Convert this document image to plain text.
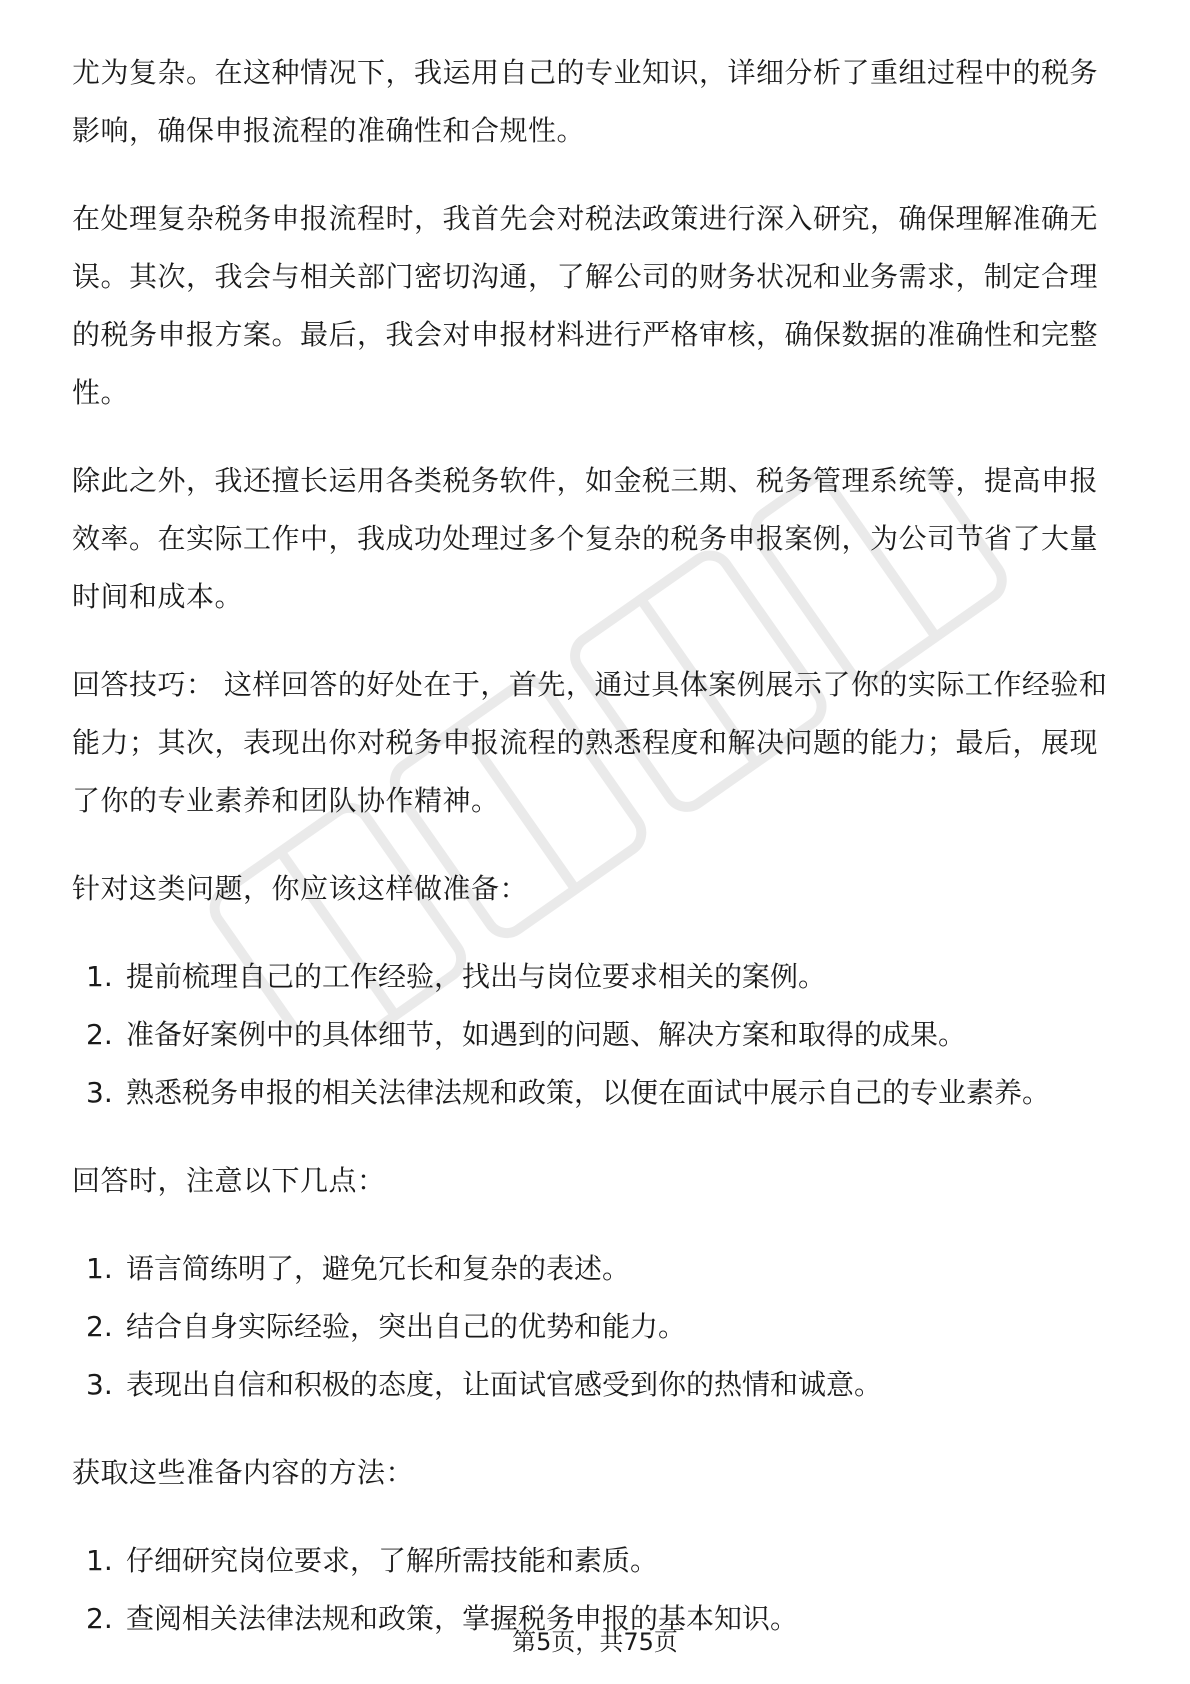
尤为复杂。在这种情况下，我运用自己的专业知识，详细分析了重组过程中的税务影响，确保申报流程的准确性和合规性。

在处理复杂税务申报流程时，我首先会对税法政策进行深入研究，确保理解准确无误。其次，我会与相关部门密切沟通，了解公司的财务状况和业务需求，制定合理的税务申报方案。最后，我会对申报材料进行严格审核，确保数据的准确性和完整性。

除此之外，我还擅长运用各类税务软件，如金税三期、税务管理系统等，提高申报效率。在实际工作中，我成功处理过多个复杂的税务申报案例，为公司节省了大量时间和成本。

回答技巧： 这样回答的好处在于，首先，通过具体案例展示了你的实际工作经验和能力；其次，表现出你对税务申报流程的熟悉程度和解决问题的能力；最后，展现了你的专业素养和团队协作精神。

针对这类问题，你应该这样做准备：

1. 提前梳理自己的工作经验，找出与岗位要求相关的案例。
2. 准备好案例中的具体细节，如遇到的问题、解决方案和取得的成果。
3. 熟悉税务申报的相关法律法规和政策，以便在面试中展示自己的专业素养。

回答时，注意以下几点：

1. 语言简练明了，避免冗长和复杂的表述。
2. 结合自身实际经验，突出自己的优势和能力。
3. 表现出自信和积极的态度，让面试官感受到你的热情和诚意。

获取这些准备内容的方法：

1. 仔细研究岗位要求，了解所需技能和素质。
2. 查阅相关法律法规和政策，掌握税务申报的基本知识。
第5页，共75页
